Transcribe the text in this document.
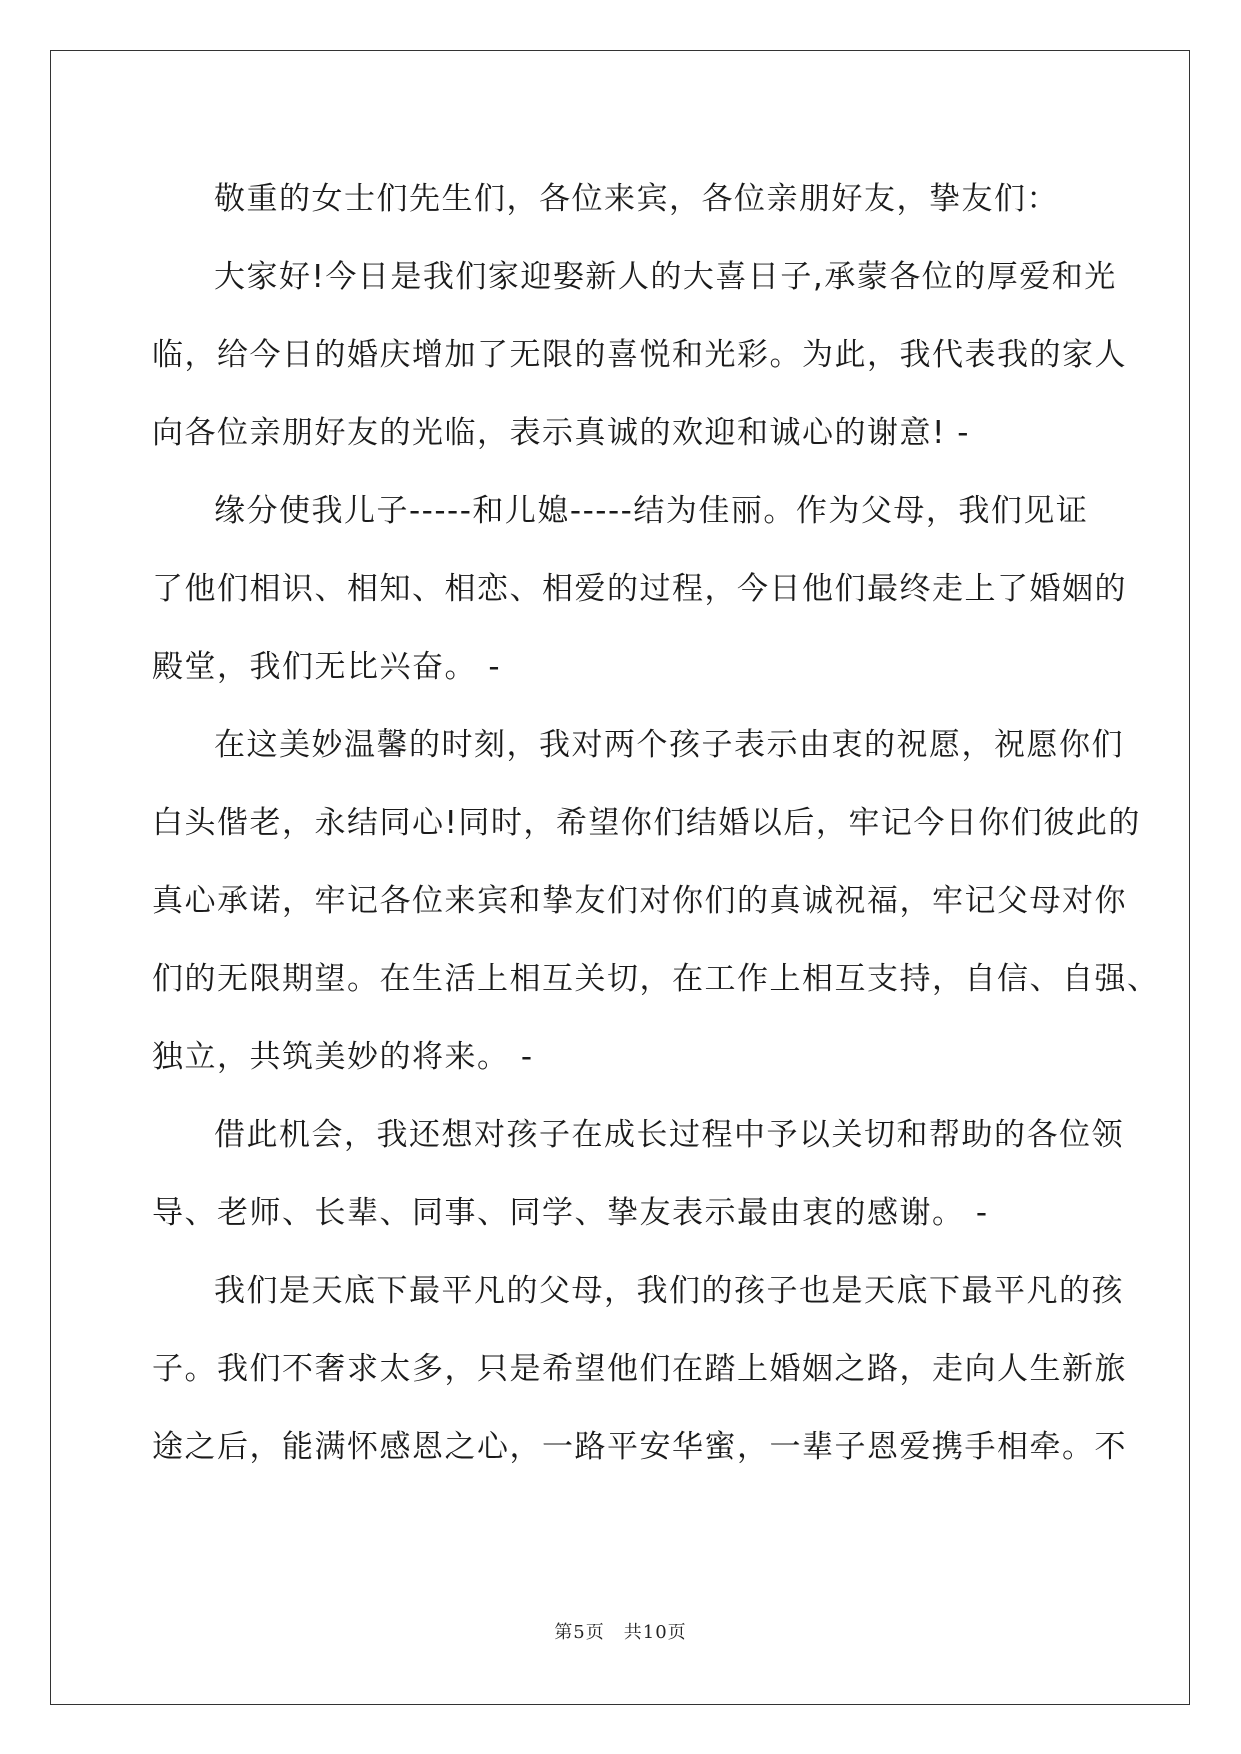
敬重的女士们先生们，各位来宾，各位亲朋好友，挚友们：
大家好!今日是我们家迎娶新人的大喜日子,承蒙各位的厚爱和光
临，给今日的婚庆增加了无限的喜悦和光彩。为此，我代表我的家人
向各位亲朋好友的光临，表示真诚的欢迎和诚心的谢意! -
缘分使我儿子-----和儿媳-----结为佳丽。作为父母，我们见证
了他们相识、相知、相恋、相爱的过程，今日他们最终走上了婚姻的
殿堂，我们无比兴奋。 -
在这美妙温馨的时刻，我对两个孩子表示由衷的祝愿，祝愿你们
白头偕老，永结同心!同时，希望你们结婚以后，牢记今日你们彼此的
真心承诺，牢记各位来宾和挚友们对你们的真诚祝福，牢记父母对你
们的无限期望。在生活上相互关切，在工作上相互支持，自信、自强、
独立，共筑美妙的将来。 -
借此机会，我还想对孩子在成长过程中予以关切和帮助的各位领
导、老师、长辈、同事、同学、挚友表示最由衷的感谢。 -
我们是天底下最平凡的父母，我们的孩子也是天底下最平凡的孩
子。我们不奢求太多，只是希望他们在踏上婚姻之路，走向人生新旅
途之后，能满怀感恩之心，一路平安华蜜，一辈子恩爱携手相牵。不
第5页　共10页
